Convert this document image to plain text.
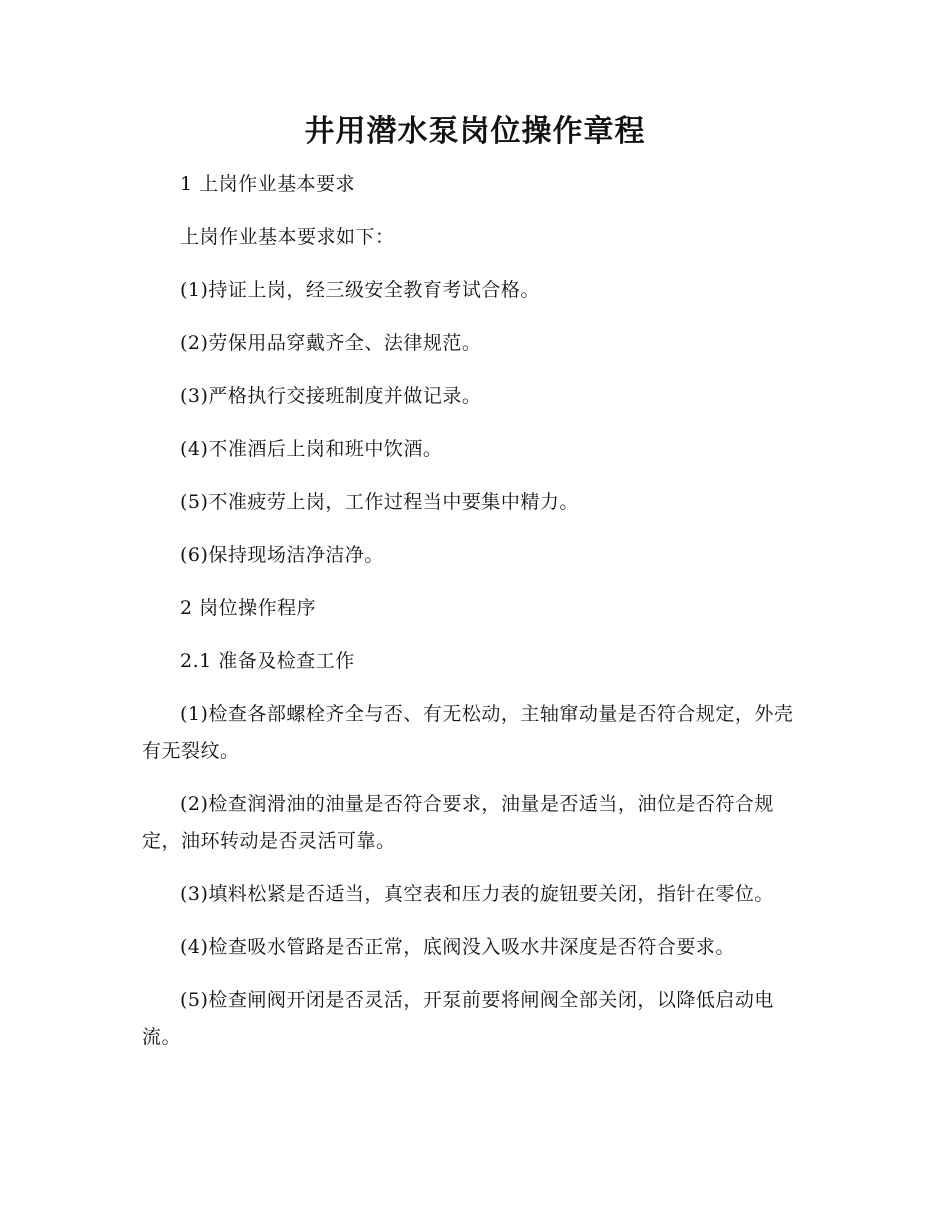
井用潜水泵岗位操作章程

1 上岗作业基本要求

上岗作业基本要求如下：

(1)持证上岗，经三级安全教育考试合格。

(2)劳保用品穿戴齐全、法律规范。

(3)严格执行交接班制度并做记录。

(4)不准酒后上岗和班中饮酒。

(5)不准疲劳上岗，工作过程当中要集中精力。

(6)保持现场洁净洁净。

2 岗位操作程序

2.1 准备及检查工作

(1)检查各部螺栓齐全与否、有无松动，主轴窜动量是否符合规定，外壳有无裂纹。

(2)检查润滑油的油量是否符合要求，油量是否适当，油位是否符合规定，油环转动是否灵活可靠。

(3)填料松紧是否适当，真空表和压力表的旋钮要关闭，指针在零位。

(4)检查吸水管路是否正常，底阀没入吸水井深度是否符合要求。

(5)检查闸阀开闭是否灵活，开泵前要将闸阀全部关闭，以降低启动电流。
